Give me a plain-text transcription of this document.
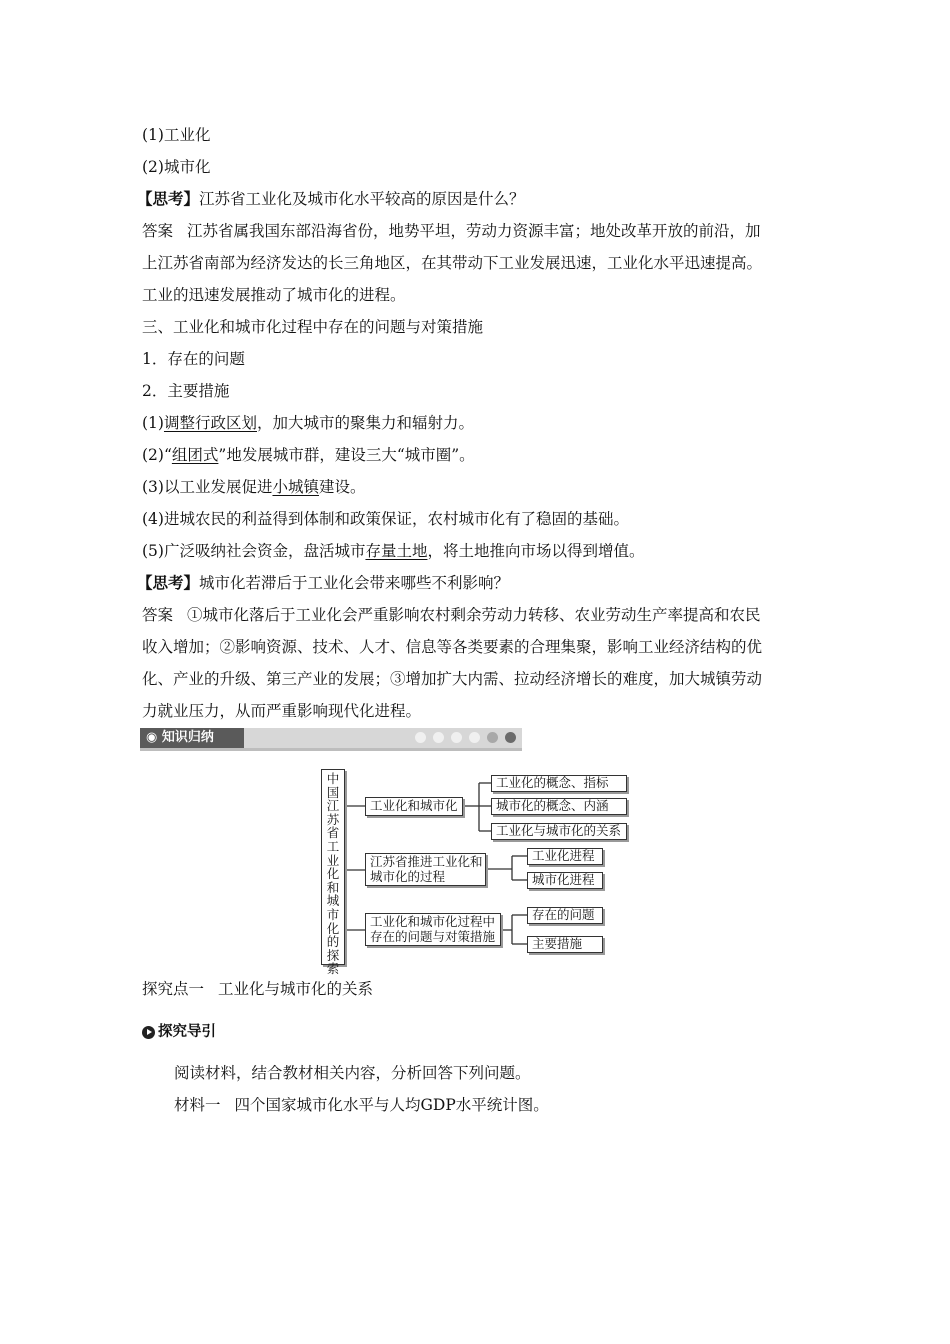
(1)工业化
(2)城市化
【思考】江苏省工业化及城市化水平较高的原因是什么？
答案 江苏省属我国东部沿海省份，地势平坦，劳动力资源丰富；地处改革开放的前沿，加
上江苏省南部为经济发达的长三角地区，在其带动下工业发展迅速，工业化水平迅速提高。
工业的迅速发展推动了城市化的进程。
三、工业化和城市化过程中存在的问题与对策措施
1．存在的问题
2．主要措施
(1)调整行政区划，加大城市的聚集力和辐射力。
(2)“组团式”地发展城市群，建设三大“城市圈”。
(3)以工业发展促进小城镇建设。
(4)进城农民的利益得到体制和政策保证，农村城市化有了稳固的基础。
(5)广泛吸纳社会资金，盘活城市存量土地，将土地推向市场以得到增值。
【思考】城市化若滞后于工业化会带来哪些不利影响？
答案 ①城市化落后于工业化会严重影响农村剩余劳动力转移、农业劳动生产率提高和农民
收入增加；②影响资源、技术、人才、信息等各类要素的合理集聚，影响工业经济结构的优
化、产业的升级、第三产业的发展；③增加扩大内需、拉动经济增长的难度，加大城镇劳动
力就业压力，从而严重影响现代化进程。
◉ 知识归纳
中
国
江
苏
省
工
业
化
和
城
市
化
的
探
索
工业化和城市化
工业化的概念、指标
城市化的概念、内涵
工业化与城市化的关系
江苏省推进工业化和
城市化的过程
工业化进程
城市化进程
工业化和城市化过程中
存在的问题与对策措施
存在的问题
主要措施
探究点一 工业化与城市化的关系
探究导引
阅读材料，结合教材相关内容，分析回答下列问题。
材料一 四个国家城市化水平与人均GDP水平统计图。
